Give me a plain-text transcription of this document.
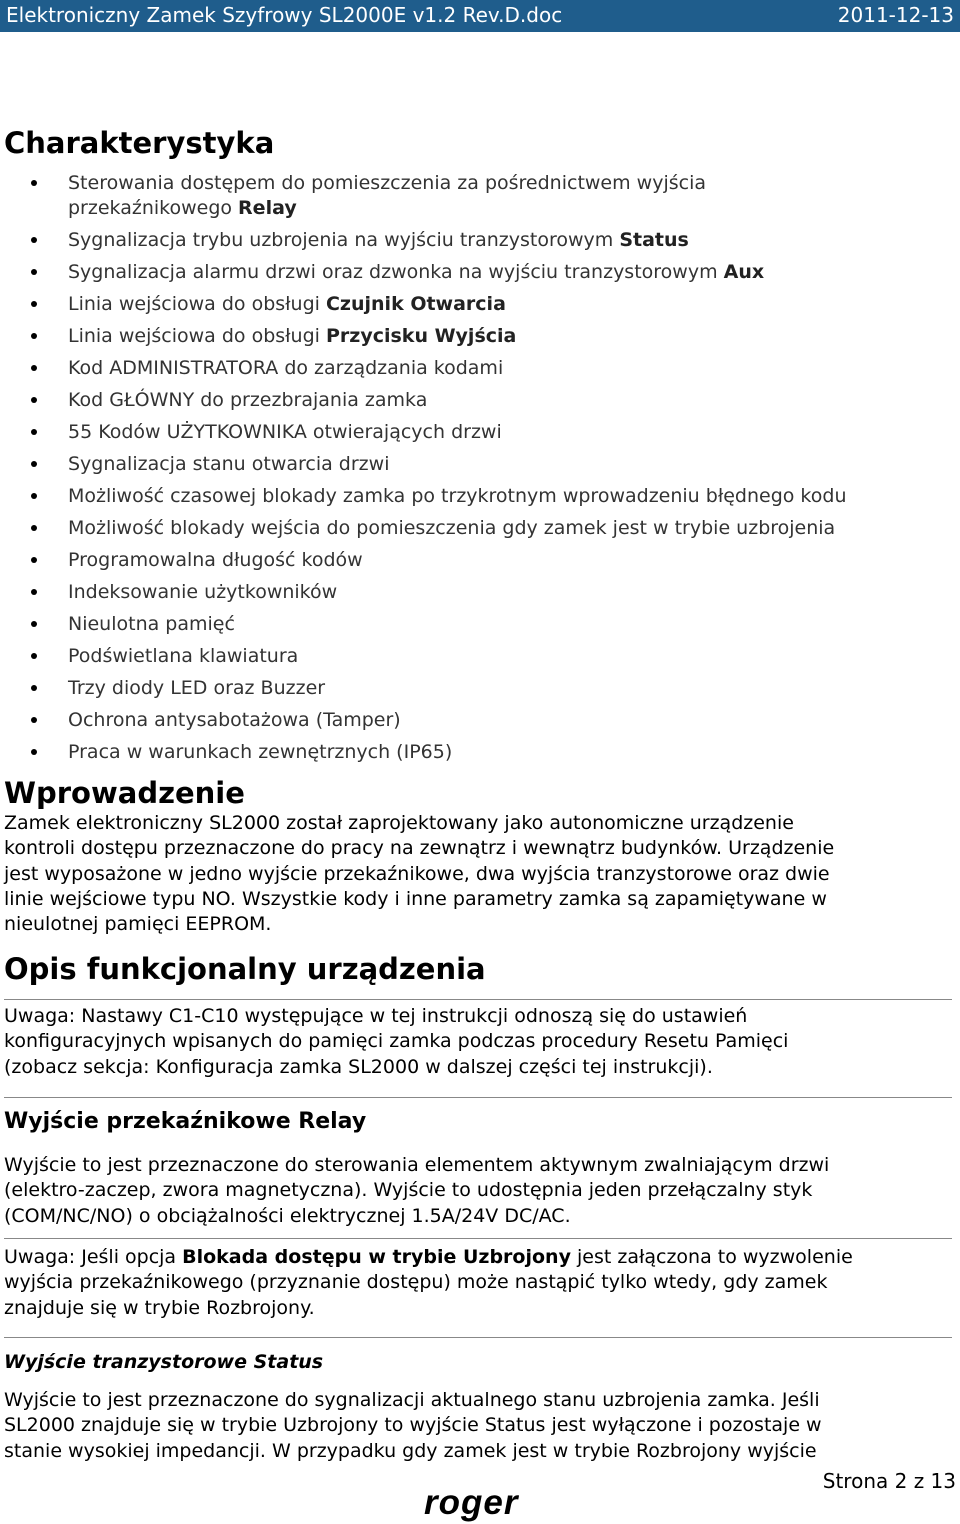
Elektroniczny Zamek Szyfrowy SL2000E v1.2 Rev.D.doc	2011-12-13
Charakterystyka
Sterowania dostępem do pomieszczenia za pośrednictwem wyjścia
przekaźnikowego Relay
Sygnalizacja trybu uzbrojenia na wyjściu tranzystorowym Status
Sygnalizacja alarmu drzwi oraz dzwonka na wyjściu tranzystorowym Aux
Linia wejściowa do obsługi Czujnik Otwarcia
Linia wejściowa do obsługi Przycisku Wyjścia
Kod ADMINISTRATORA do zarządzania kodami
Kod GŁÓWNY do przezbrajania zamka
55 Kodów UŻYTKOWNIKA otwierających drzwi
Sygnalizacja stanu otwarcia drzwi
Możliwość czasowej blokady zamka po trzykrotnym wprowadzeniu błędnego kodu
Możliwość blokady wejścia do pomieszczenia gdy zamek jest w trybie uzbrojenia
Programowalna długość kodów
Indeksowanie użytkowników
Nieulotna pamięć
Podświetlana klawiatura
Trzy diody LED oraz Buzzer
Ochrona antysabotażowa (Tamper)
Praca w warunkach zewnętrznych (IP65)
Wprowadzenie

Zamek elektroniczny SL2000 został zaprojektowany jako autonomiczne urządzenie

kontroli dostępu przeznaczone do pracy na zewnątrz i wewnątrz budynków. Urządzenie

jest wyposażone w jedno wyjście przekaźnikowe, dwa wyjścia tranzystorowe oraz dwie

linie wejściowe typu NO. Wszystkie kody i inne parametry zamka są zapamiętywane w

nieulotnej pamięci EEPROM.

Opis funkcjonalny urządzenia

Uwaga: Nastawy C1-C10 występujące w tej instrukcji odnoszą się do ustawień

konfiguracyjnych wpisanych do pamięci zamka podczas procedury Resetu Pamięci

(zobacz sekcja: Konfiguracja zamka SL2000 w dalszej części tej instrukcji).

Wyjście przekaźnikowe Relay

Wyjście to jest przeznaczone do sterowania elementem aktywnym zwalniającym drzwi

(elektro-zaczep, zwora magnetyczna). Wyjście to udostępnia jeden przełączalny styk

(COM/NC/NO) o obciążalności elektrycznej 1.5A/24V DC/AC.

Uwaga: Jeśli opcja Blokada dostępu w trybie Uzbrojony jest załączona to wyzwolenie

wyjścia przekaźnikowego (przyznanie dostępu) może nastąpić tylko wtedy, gdy zamek

znajduje się w trybie Rozbrojony.

Wyjście tranzystorowe Status

Wyjście to jest przeznaczone do sygnalizacji aktualnego stanu uzbrojenia zamka. Jeśli

SL2000 znajduje się w trybie Uzbrojony to wyjście Status jest wyłączone i pozostaje w

stanie wysokiej impedancji. W przypadku gdy zamek jest w trybie Rozbrojony wyjście

Strona 2 z 13
roger
